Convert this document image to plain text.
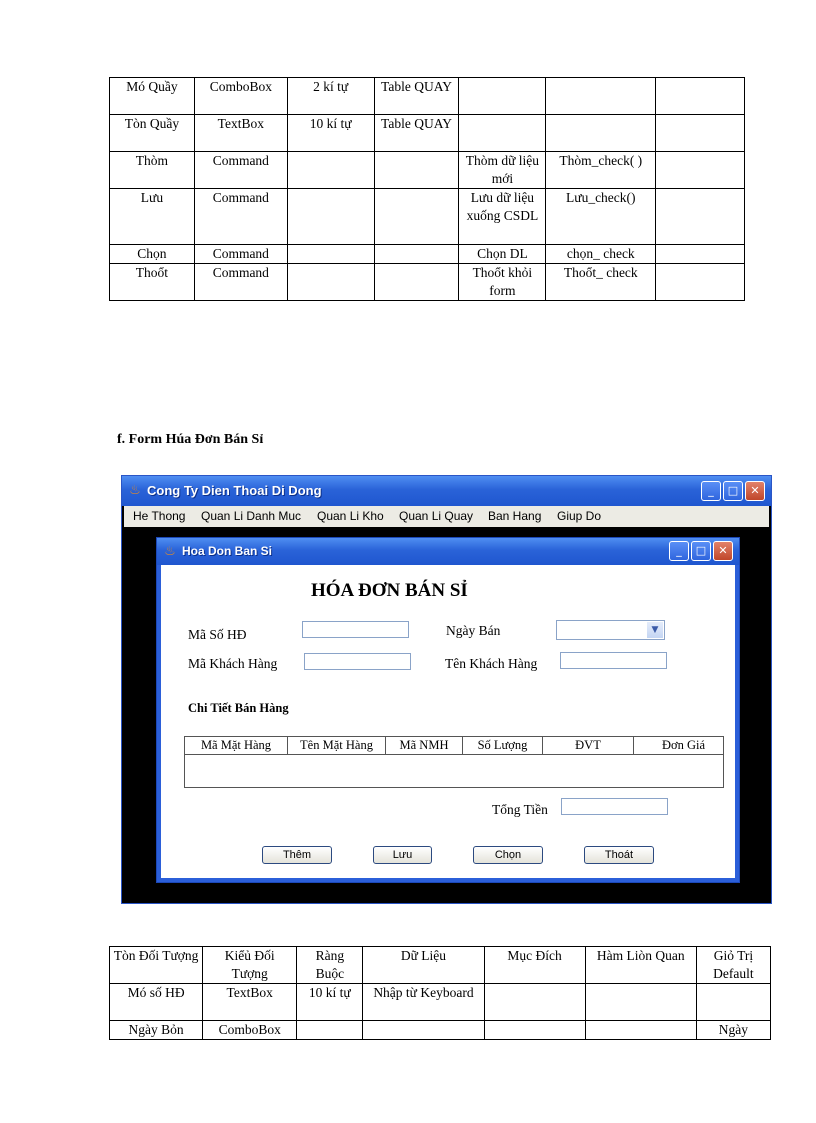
Mó Quầy	ComboBox	2 kí tự	Table QUAY			
Tòn Quầy	TextBox	10 kí tự	Table QUAY			
Thòm	Command			Thòm dữ liệu mới	Thòm_check( )	
Lưu	Command			Lưu dữ liệu xuống CSDL	Lưu_check()	
Chọn	Command			Chọn DL	chọn_ check	
Thoổt	Command			Thoổt khỏi form	Thoổt_ check	
f. Form Húa Đơn Bán Sỉ
♨ Cong Ty Dien Thoai Di Dong	_	□	✕
He Thong Quan Li Danh Muc Quan Li Kho Quan Li Quay Ban Hang Giup Do
♨ Hoa Don Ban Si	_	□	✕
HÓA ĐƠN BÁN SỈ
Mã Số HĐ	Ngày Bán	▼
Mã Khách Hàng	Tên Khách Hàng
Chi Tiết Bán Hàng
Mã Mặt Hàng	Tên Mặt Hàng	Mã NMH	Số Lượng	ĐVT	Đơn Giá
Tổng Tiền
Thêm	Lưu	Chọn	Thoát
Tòn Đối Tượng	Kiểủ Đối Tượng	Ràng Buộc	Dữ Liệu	Mục Đích	Hàm Liòn Quan	Giỏ Trị Default
Mó số HĐ	TextBox	10 kí tự	Nhập từ Keyboard			
Ngày Bỏn	ComboBox					Ngày
